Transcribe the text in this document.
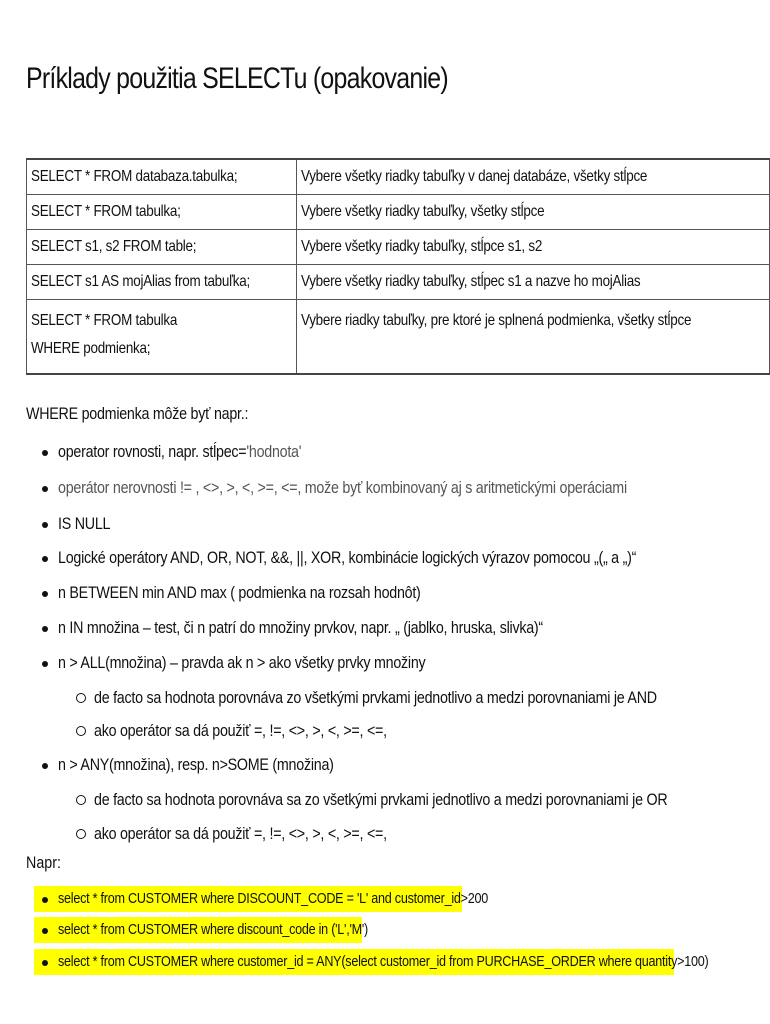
Príklady použitia SELECTu (opakovanie)
SELECT * FROM databaza.tabulka;	Vybere všetky riadky tabuľky v danej databáze, všetky stĺpce
SELECT * FROM tabulka;	Vybere všetky riadky tabuľky, všetky stĺpce
SELECT s1, s2 FROM table;	Vybere všetky riadky tabuľky, stĺpce s1, s2
SELECT s1 AS mojAlias from tabuľka;	Vybere všetky riadky tabuľky, stĺpec s1 a nazve ho mojAlias
SELECT * FROM tabulka
WHERE podmienka;	Vybere riadky tabuľky, pre ktoré je splnená podmienka, všetky stĺpce
WHERE podmienka môže byť napr.:
operator rovnosti, napr. stĺpec='hodnota'
operátor nerovnosti != , <>, >, <, >=, <=, može byť kombinovaný aj s aritmetickými operáciami
IS NULL
Logické operátory AND, OR, NOT, &&, ||, XOR, kombinácie logických výrazov pomocou „(„ a „)“
n BETWEEN min AND max ( podmienka na rozsah hodnôt)
n IN množina – test, či n patrí do množiny prvkov, napr. „ (jablko, hruska, slivka)“
n > ALL(množina) – pravda ak n > ako všetky prvky množiny
de facto sa hodnota porovnáva zo všetkými prvkami jednotlivo a medzi porovnaniami je AND
ako operátor sa dá použiť =, !=, <>, >, <, >=, <=,
n > ANY(množina), resp. n>SOME (množina)
de facto sa hodnota porovnáva sa zo všetkými prvkami jednotlivo a medzi porovnaniami je OR
ako operátor sa dá použiť =, !=, <>, >, <, >=, <=,
Napr:
select * from CUSTOMER where DISCOUNT_CODE = 'L' and customer_id>200
select * from CUSTOMER where discount_code in ('L','M')
select * from CUSTOMER where customer_id = ANY(select customer_id from PURCHASE_ORDER where quantity>100)
